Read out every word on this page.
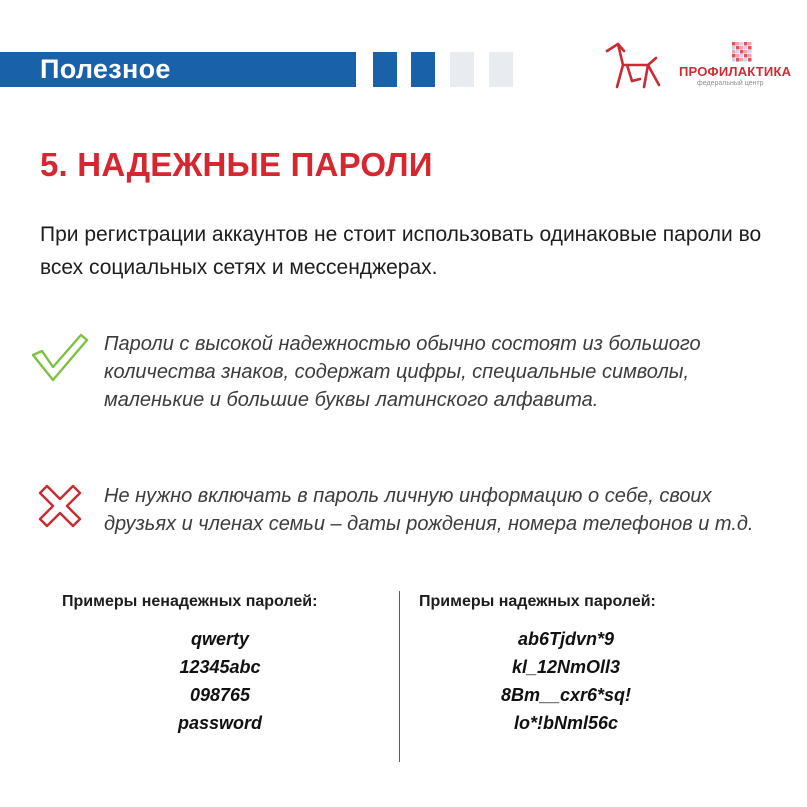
Полезное	ПРОФИЛАКТИКА
федеральный центр
5. НАДЕЖНЫЕ ПАРОЛИ
При регистрации аккаунтов не стоит использовать одинаковые пароли во всех социальных сетях и мессенджерах.
Пароли с высокой надежностью обычно состоят из большого количества знаков, содержат цифры, специальные символы, маленькие и большие буквы латинского алфавита.
Не нужно включать в пароль личную информацию о себе, своих друзьях и членах семьи – даты рождения, номера телефонов и т.д.
Примеры ненадежных паролей:
qwerty
12345abc
098765
password
Примеры надежных паролей:
ab6Tjdvn*9
kl_12NmOll3
8Bm__cxr6*sq!
lo*!bNml56c
